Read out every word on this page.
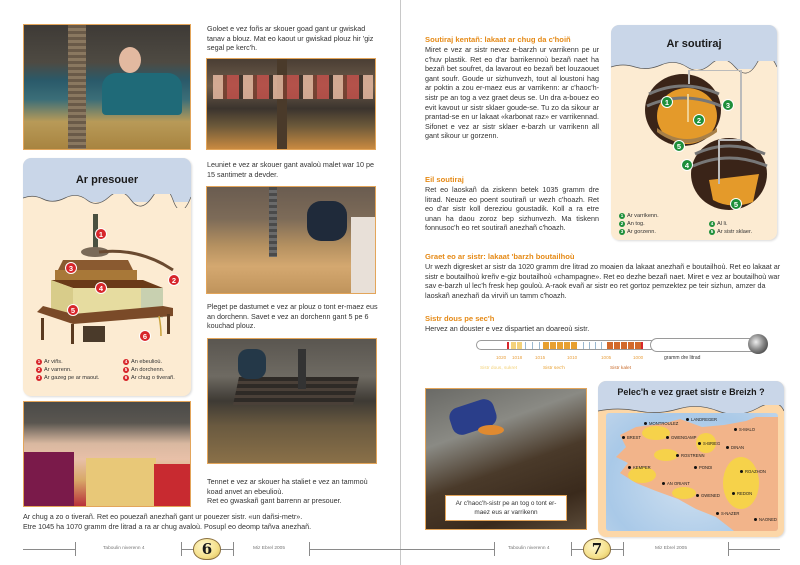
Goloet e vez foñs ar skouer goad gant ur gwiskad tanav a blouz. Mat eo kaout ur gwiskad plouz hir 'giz segal pe kerc'h.
Leuniet e vez ar skouer gant avaloù malet war 10 pe 15 santimetr a devder.
Pleget pe dastumet e vez ar plouz o tont er-maez eus an dorchenn. Savet e vez an dorchenn gant 5 pe 6 kouchad plouz.
Ar presouer
1
2
3
4
5
6
1 Ar viñs.
2 Ar varrenn.
3 Ar gazeg pe ar maout.
4 An ebeulioù.
5 An dorchenn.
6 Ar chug o tiverañ.
Tennet e vez ar skouer ha staliet e vez an tammoù koad anvet an ebeulioù.
Ret eo gwaskañ gant barrenn ar presouer.
Ar chug a zo o tiverañ. Ret eo pouezañ anezhañ gant ur pouezer sistr. «un dañsi-metr».
Etre 1045 ha 1070 gramm dre litrad a ra ar chug avaloù. Posupl eo deomp tañva anezhañ.
Taboulin niverenn 4	6	Miz Ebrel 2005
Soutiraj kentañ: lakaat ar chug da c'hoiñ
Miret e vez ar sistr nevez e-barzh ur varrikenn pe ur c'huv plastik. Ret eo d'ar barrikennoù bezañ naet ha bezañ bet soufret, da lavarout eo bezañ bet louzaouet gant soufr. Goude ur sizhunvezh, tout al loustoni hag ar poktin a zou er-maez eus ar varrikenn: ar c'haoc'h-sistr pe an tog a vez graet deus se. Un dra a-bouez eo evit kavout ur sistr sklaer goude-se. Tu zo da sikour ar prantad-se en ur lakaat «karbonat raz» er varrikennad. Sifonet e vez ar sistr sklaer e-barzh ur varrikenn all gant sikour ur gorzenn.
Eil soutiraj
Ret eo laoskañ da ziskenn betek 1035 gramm dre litrad. Neuze eo poent soutirañ ur wezh c'hoazh. Ret eo d'ar sistr koll dereziou goustadik. Koll a ra etre unan ha daou zoroz bep sizhunvezh. Ma tiskenn fonnusoc'h eo ret soutirañ anezhañ c'hoazh.
Graet eo ar sistr: lakaat 'barzh boutailhoù
Ur wezh digresket ar sistr da 1020 gramm dre litrad zo moaien da lakaat anezhañ e boutailhoù. Ret eo lakaat ar sistr e boutailhoù kreñv e-giz boutailhoù «champagne». Ret eo dezhe bezañ naet. Miret e vez ar boutailhoù war sav e-barzh ul lec'h fresk hep gouloù. A-raok evañ ar sistr eo ret gortoz pemzektez pe teir sizhun, amzer da laoskañ anezhañ da virviñ un tamm c'hoazh.
Sistr dous pe sec'h
Hervez an douster e vez dispartiet an doareoù sistr.
1020 1018	1015	1010	1005	1000	gramm dre litrad
Sistr dous, sukret	Sistr sec'h	Sistr kalet
Ar soutiraj
1
2
3
4
5
5
1 Ar varrikenn.
2 An tog.
3 Ar gorzenn.
4 Al li.
5 Ar sistr sklaer.
Ar c'haoc'h-sistr pe an tog o tont er-maez eus ar varrikenn
Pelec'h e vez graet sistr e Breizh ?
MONTROULEZ
LANDREGER
BREST	GWENGAMP
S-MALO
S-BRIEG
DINAN
ROSTRENN
KEMPER	PONDI
ROAZHON
AN ORIANT
GWENED	REDON
S-NAZER
NAONED
Taboulin niverenn 4	7	Miz Ebrel 2005
